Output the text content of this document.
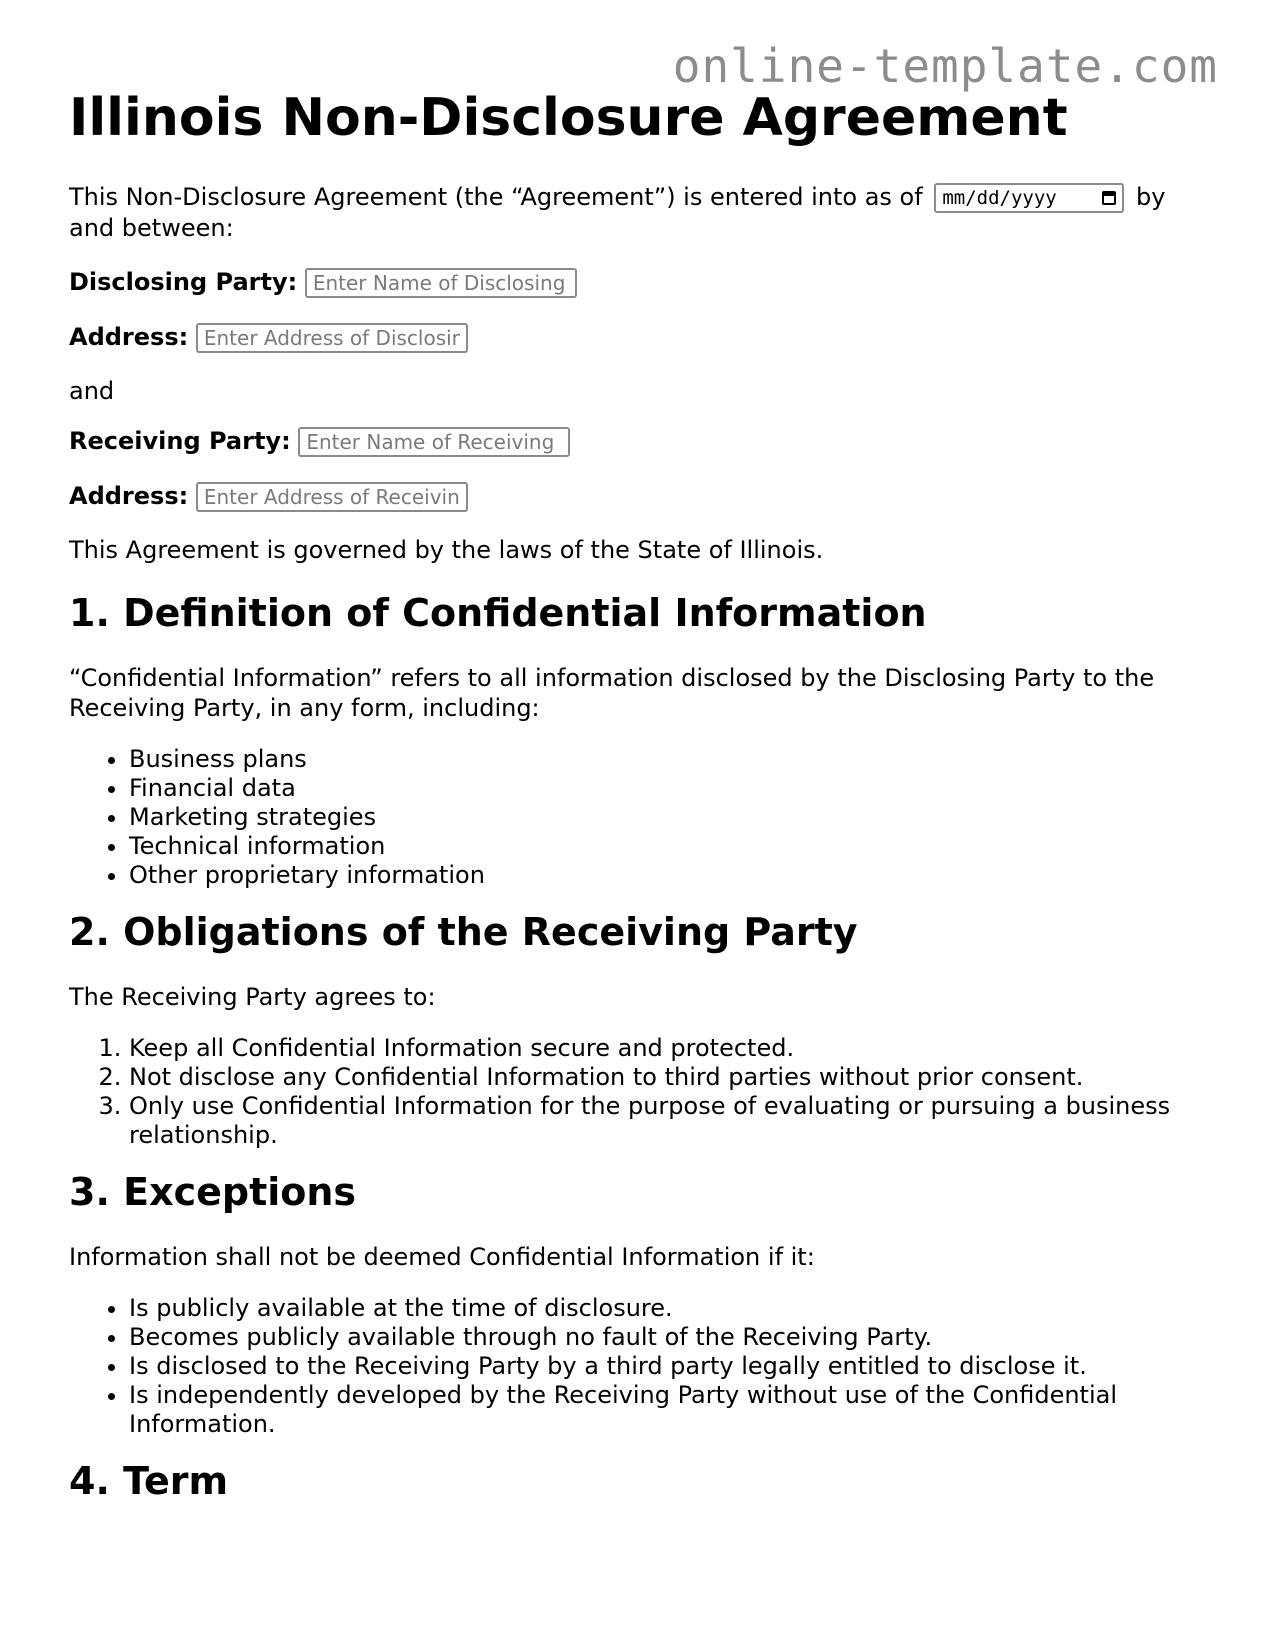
online-template.com
Illinois Non-Disclosure Agreement

This Non-Disclosure Agreement (the “Agreement”) is entered into as of mm/dd/yyyy	by and between:

Disclosing Party: Enter Name of Disclosing Party
Address: Enter Address of Disclosing Party

and

Receiving Party: Enter Name of Receiving Party
Address: Enter Address of Receiving Party

This Agreement is governed by the laws of the State of Illinois.

1. Definition of Confidential Information

“Confidential Information” refers to all information disclosed by the Disclosing Party to the Receiving Party, in any form, including:

• Business plans
• Financial data
• Marketing strategies
• Technical information
• Other proprietary information
2. Obligations of the Receiving Party

The Receiving Party agrees to:

1. Keep all Confidential Information secure and protected.
2. Not disclose any Confidential Information to third parties without prior consent.
3. Only use Confidential Information for the purpose of evaluating or pursuing a business relationship.
3. Exceptions

Information shall not be deemed Confidential Information if it:

• Is publicly available at the time of disclosure.
• Becomes publicly available through no fault of the Receiving Party.
• Is disclosed to the Receiving Party by a third party legally entitled to disclose it.
• Is independently developed by the Receiving Party without use of the Confidential Information.
4. Term
